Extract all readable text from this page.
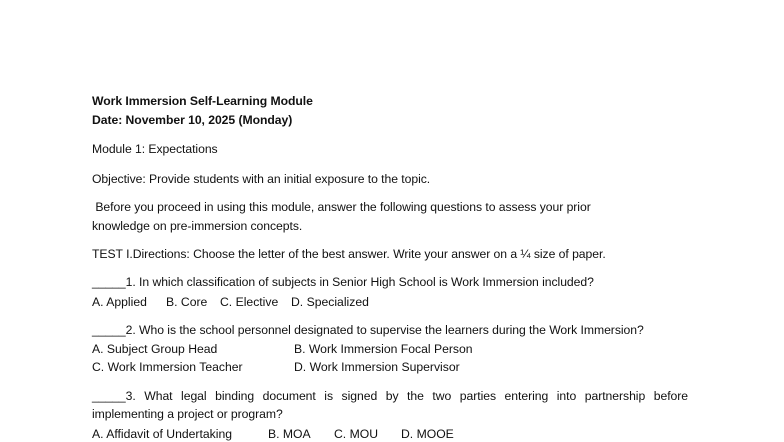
Work Immersion Self-Learning Module
Date: November 10, 2025 (Monday)
Module 1: Expectations
Objective: Provide students with an initial exposure to the topic.
Before you proceed in using this module, answer the following questions to assess your prior
knowledge on pre-immersion concepts.
TEST I.Directions: Choose the letter of the best answer. Write your answer on a ¼ size of paper.
_____1. In which classification of subjects in Senior High School is Work Immersion included?
A. Applied B. Core C. Elective D. Specialized
_____2. Who is the school personnel designated to supervise the learners during the Work Immersion?
A. Subject Group Head	B. Work Immersion Focal Person
C. Work Immersion Teacher	D. Work Immersion Supervisor
_____3. What legal binding document is signed by the two parties entering into partnership before
implementing a project or program?
A. Affidavit of Undertaking	B. MOA C. MOU D. MOOE
